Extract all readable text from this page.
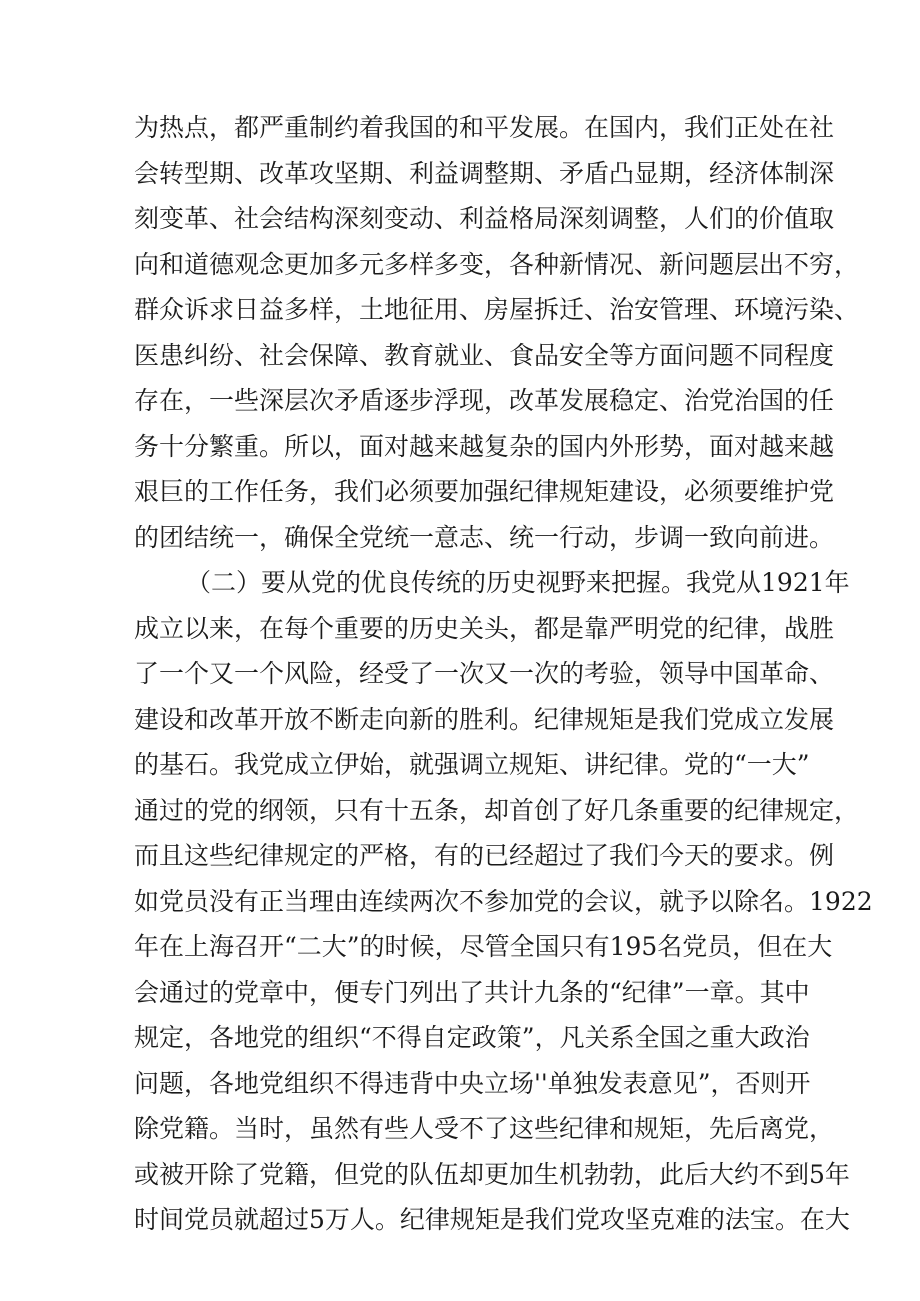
为热点，都严重制约着我国的和平发展。在国内，我们正处在社
会转型期、改革攻坚期、利益调整期、矛盾凸显期，经济体制深
刻变革、社会结构深刻变动、利益格局深刻调整，人们的价值取
向和道德观念更加多元多样多变，各种新情况、新问题层出不穷，
群众诉求日益多样，土地征用、房屋拆迁、治安管理、环境污染、
医患纠纷、社会保障、教育就业、食品安全等方面问题不同程度
存在，一些深层次矛盾逐步浮现，改革发展稳定、治党治国的任
务十分繁重。所以，面对越来越复杂的国内外形势，面对越来越
艰巨的工作任务，我们必须要加强纪律规矩建设，必须要维护党
的团结统一，确保全党统一意志、统一行动，步调一致向前进。
（二）要从党的优良传统的历史视野来把握。我党从1921年
成立以来，在每个重要的历史关头，都是靠严明党的纪律，战胜
了一个又一个风险，经受了一次又一次的考验，领导中国革命、
建设和改革开放不断走向新的胜利。纪律规矩是我们党成立发展
的基石。我党成立伊始，就强调立规矩、讲纪律。党的“一大”
通过的党的纲领，只有十五条，却首创了好几条重要的纪律规定，
而且这些纪律规定的严格，有的已经超过了我们今天的要求。例
如党员没有正当理由连续两次不参加党的会议，就予以除名。1922
年在上海召开“二大”的时候，尽管全国只有195名党员，但在大
会通过的党章中，便专门列出了共计九条的“纪律”一章。其中
规定，各地党的组织“不得自定政策”，凡关系全国之重大政治
问题，各地党组织不得违背中央立场''单独发表意见”，否则开
除党籍。当时，虽然有些人受不了这些纪律和规矩，先后离党，
或被开除了党籍，但党的队伍却更加生机勃勃，此后大约不到5年
时间党员就超过5万人。纪律规矩是我们党攻坚克难的法宝。在大
